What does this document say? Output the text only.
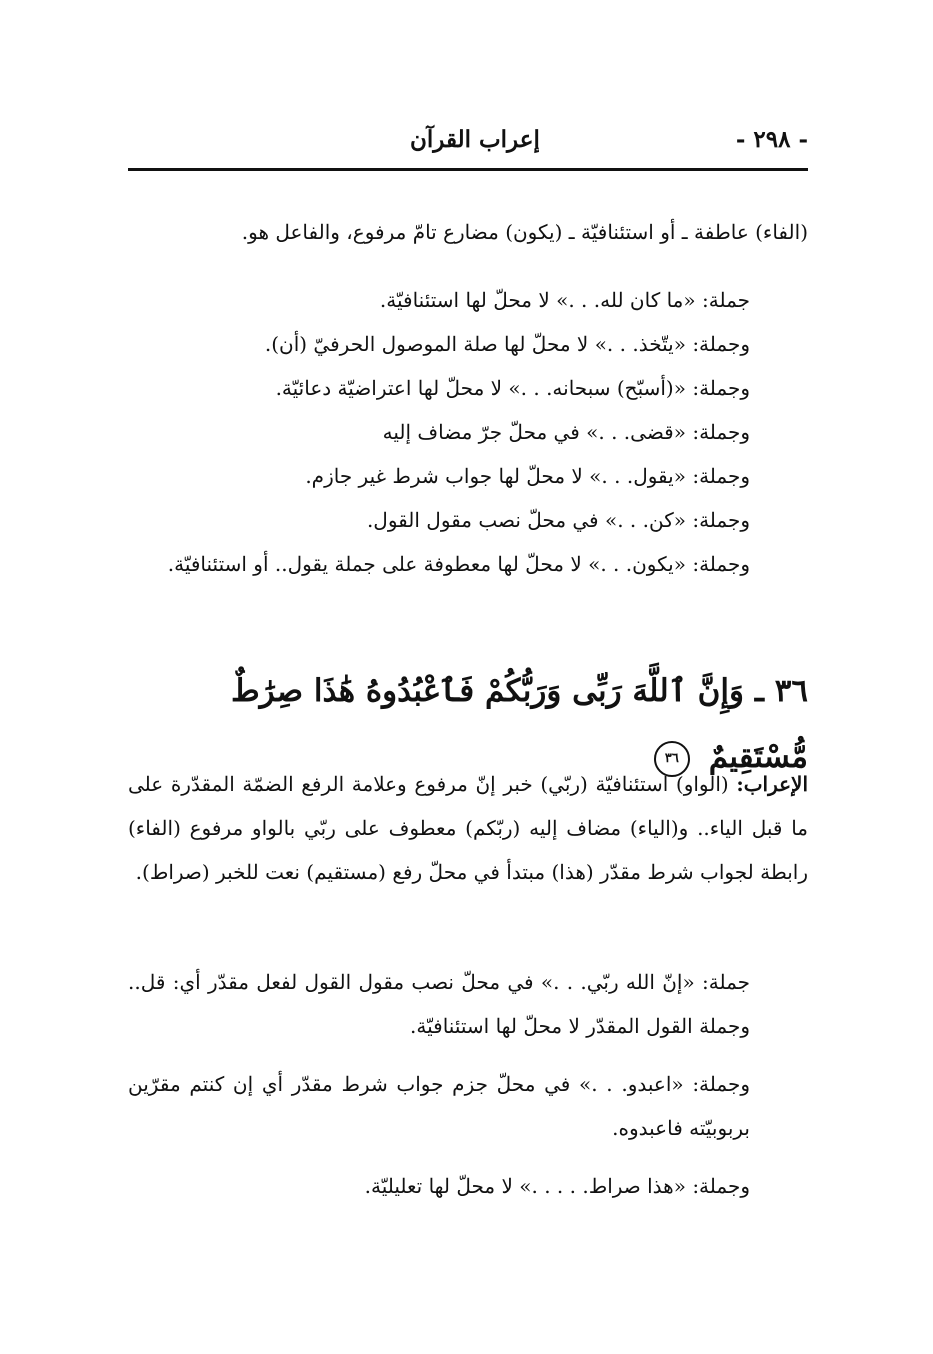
- ٢٩٨ -
إعراب القرآن
(الفاء) عاطفة ـ أو استئنافيّة ـ (يكون) مضارع تامّ مرفوع، والفاعل هو.
جملة: «ما كان لله. . .» لا محلّ لها استئنافيّة.
وجملة: «يتّخذ. . .» لا محلّ لها صلة الموصول الحرفيّ (أن).
وجملة: «(أسبّح) سبحانه. . .» لا محلّ لها اعتراضيّة دعائيّة.
وجملة: «قضى. . .» في محلّ جرّ مضاف إليه
وجملة: «يقول. . .» لا محلّ لها جواب شرط غير جازم.
وجملة: «كن. . .» في محلّ نصب مقول القول.
وجملة: «يكون. . .» لا محلّ لها معطوفة على جملة يقول.. أو استئنافيّة.
٣٦ ـ وَإِنَّ ٱللَّهَ رَبِّى وَرَبُّكُمْ فَٱعْبُدُوهُ هَٰذَا صِرَٰطٌ مُّسْتَقِيمٌ ٣٦
الإعراب: (الواو) استئنافيّة (ربّي) خبر إنّ مرفوع وعلامة الرفع الضمّة المقدّرة على ما قبل الياء.. و(الياء) مضاف إليه (ربّكم) معطوف على ربّي بالواو مرفوع (الفاء) رابطة لجواب شرط مقدّر (هذا) مبتدأ في محلّ رفع (مستقيم) نعت للخبر (صراط).
جملة: «إنّ الله ربّي. . .» في محلّ نصب مقول القول لفعل مقدّر أي: قل.. وجملة القول المقدّر لا محلّ لها استئنافيّة.
وجملة: «اعبدو. . .» في محلّ جزم جواب شرط مقدّر أي إن كنتم مقرّين بربوبيّته فاعبدوه.
وجملة: «هذا صراط. . . . .» لا محلّ لها تعليليّة.
